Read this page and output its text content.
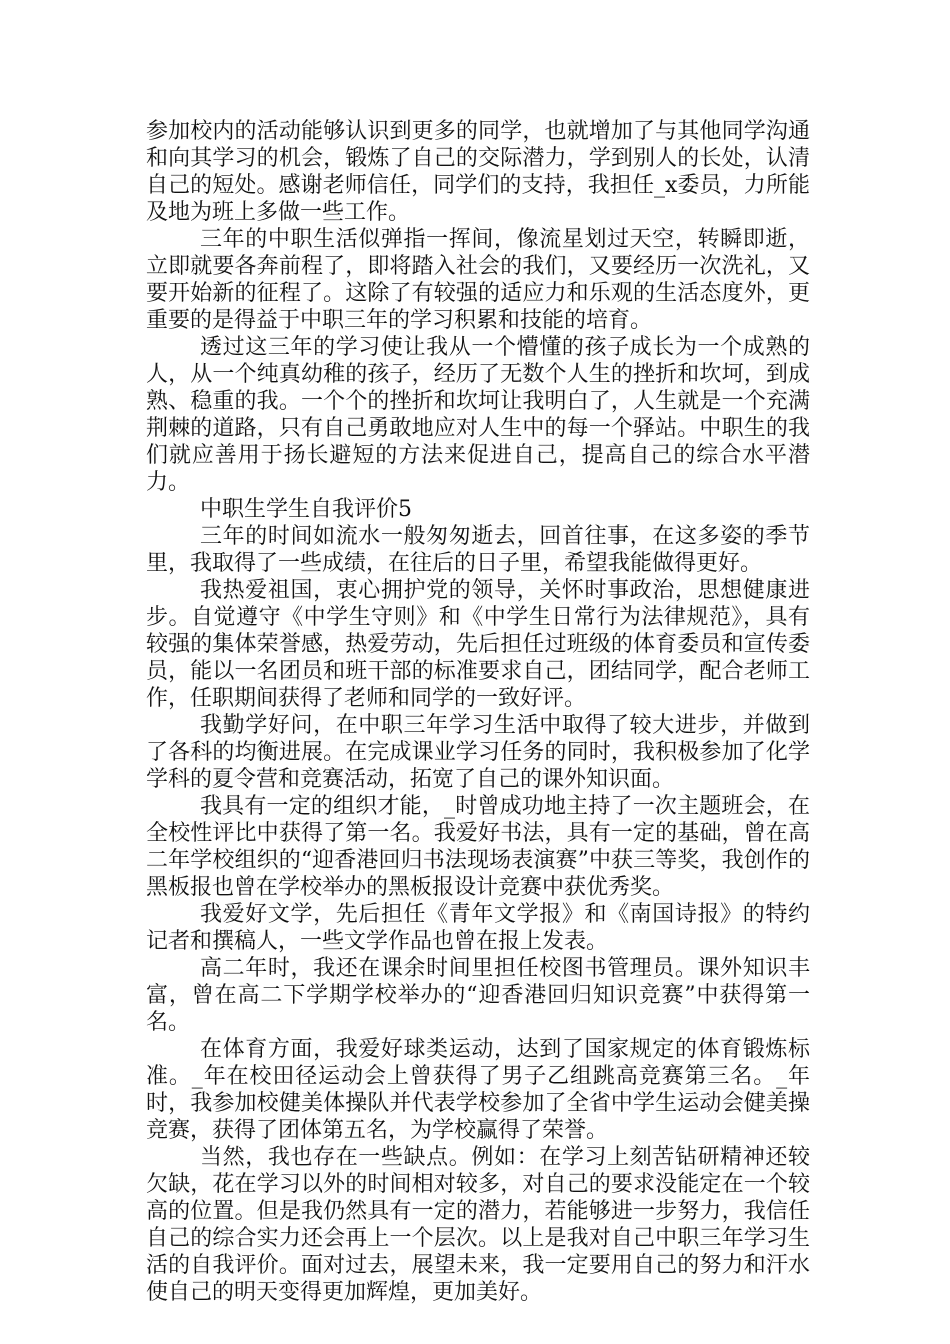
参加校内的活动能够认识到更多的同学，也就增加了与其他同学沟通和向其学习的机会，锻炼了自己的交际潜力，学到别人的长处，认清自己的短处。感谢老师信任，同学们的支持，我担任_x委员，力所能及地为班上多做一些工作。

三年的中职生活似弹指一挥间，像流星划过天空，转瞬即逝，立即就要各奔前程了，即将踏入社会的我们，又要经历一次洗礼，又要开始新的征程了。这除了有较强的适应力和乐观的生活态度外，更重要的是得益于中职三年的学习积累和技能的培育。

透过这三年的学习使让我从一个懵懂的孩子成长为一个成熟的人，从一个纯真幼稚的孩子，经历了无数个人生的挫折和坎坷，到成熟、稳重的我。一个个的挫折和坎坷让我明白了，人生就是一个充满荆棘的道路，只有自己勇敢地应对人生中的每一个驿站。中职生的我们就应善用于扬长避短的方法来促进自己，提高自己的综合水平潜力。

中职生学生自我评价5

三年的时间如流水一般匆匆逝去，回首往事，在这多姿的季节里，我取得了一些成绩，在往后的日子里，希望我能做得更好。

我热爱祖国，衷心拥护党的领导，关怀时事政治，思想健康进步。自觉遵守《中学生守则》和《中学生日常行为法律规范》，具有较强的集体荣誉感，热爱劳动，先后担任过班级的体育委员和宣传委员，能以一名团员和班干部的标准要求自己，团结同学，配合老师工作，任职期间获得了老师和同学的一致好评。

我勤学好问，在中职三年学习生活中取得了较大进步，并做到了各科的均衡进展。在完成课业学习任务的同时，我积极参加了化学学科的夏令营和竞赛活动，拓宽了自己的课外知识面。

我具有一定的组织才能，_时曾成功地主持了一次主题班会，在全校性评比中获得了第一名。我爱好书法，具有一定的基础，曾在高二年学校组织的“迎香港回归书法现场表演赛”中获三等奖，我创作的黑板报也曾在学校举办的黑板报设计竞赛中获优秀奖。

我爱好文学，先后担任《青年文学报》和《南国诗报》的特约记者和撰稿人，一些文学作品也曾在报上发表。

高二年时，我还在课余时间里担任校图书管理员。课外知识丰富，曾在高二下学期学校举办的“迎香港回归知识竞赛”中获得第一名。

在体育方面，我爱好球类运动，达到了国家规定的体育锻炼标准。_年在校田径运动会上曾获得了男子乙组跳高竞赛第三名。_年时，我参加校健美体操队并代表学校参加了全省中学生运动会健美操竞赛，获得了团体第五名，为学校赢得了荣誉。

当然，我也存在一些缺点。例如：在学习上刻苦钻研精神还较欠缺，花在学习以外的时间相对较多，对自己的要求没能定在一个较高的位置。但是我仍然具有一定的潜力，若能够进一步努力，我信任自己的综合实力还会再上一个层次。以上是我对自己中职三年学习生活的自我评价。面对过去，展望未来，我一定要用自己的努力和汗水使自己的明天变得更加辉煌，更加美好。
